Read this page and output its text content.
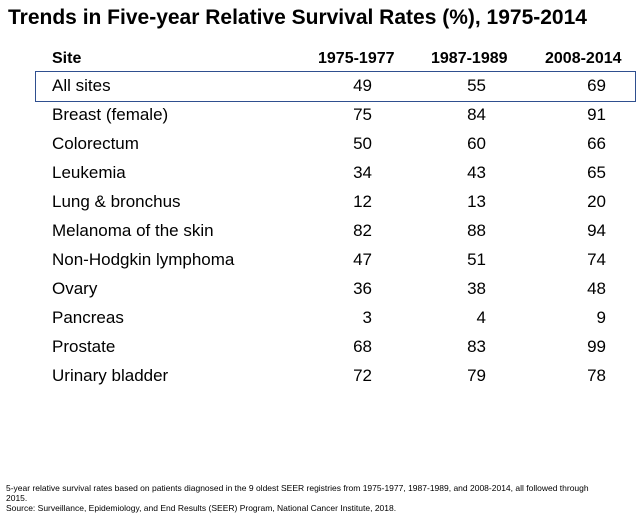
Trends in Five-year Relative Survival Rates (%), 1975-2014
Site	1975-1977 1987-1989 2008-2014
All sites	49	55	69
Breast (female)	75	84	91
Colorectum	50	60	66
Leukemia	34	43	65
Lung & bronchus	12	13	20
Melanoma of the skin	82	88	94
Non-Hodgkin lymphoma	47	51	74
Ovary	36	38	48
Pancreas	3	4	9
Prostate	68	83	99
Urinary bladder	72	79	78
5-year relative survival rates based on patients diagnosed in the 9 oldest SEER registries from 1975-1977, 1987-1989, and 2008-2014, all followed through 2015.
Source: Surveillance, Epidemiology, and End Results (SEER) Program, National Cancer Institute, 2018.
